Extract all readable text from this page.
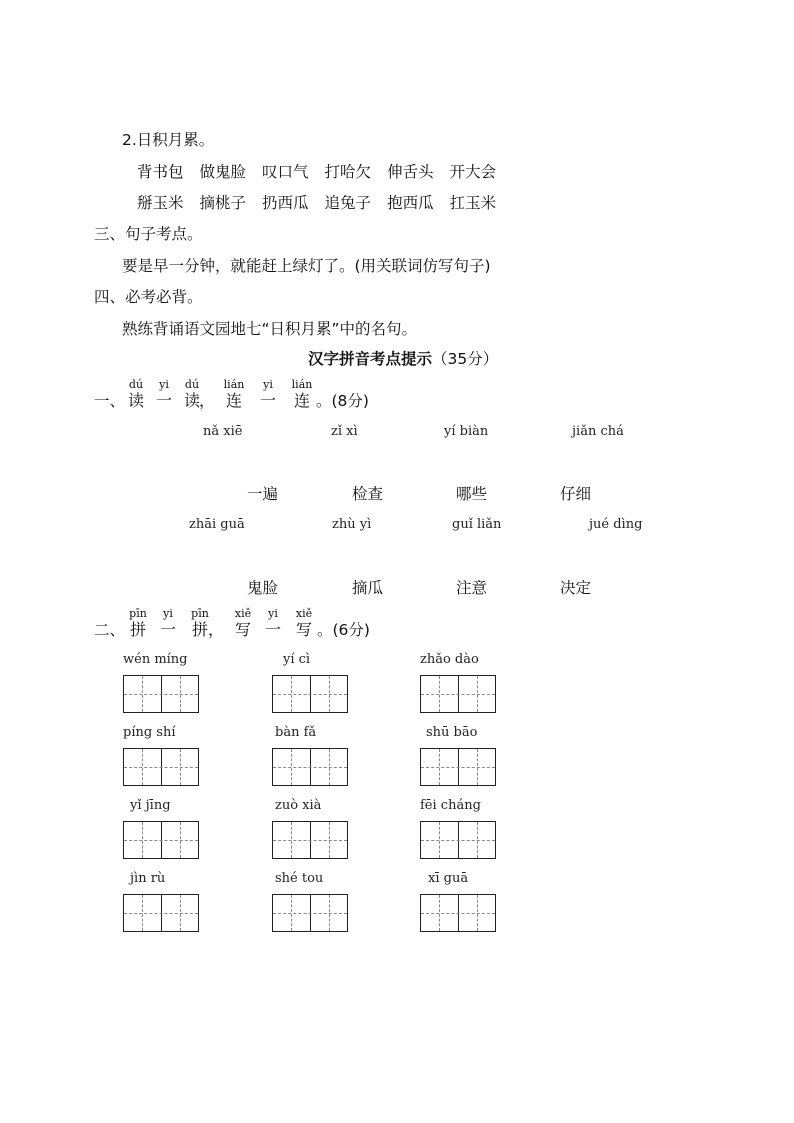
2.日积月累。
背书包 做鬼脸 叹口气 打哈欠 伸舌头 开大会
掰玉米 摘桃子 扔西瓜 追兔子 抱西瓜 扛玉米
三、句子考点。
要是早一分钟，就能赶上绿灯了。(用关联词仿写句子)
四、必考必背。
熟练背诵语文园地七“日积月累”中的名句。
汉字拼音考点提示（35分）
一、
dú
读
yi
一
dú
读 ，
lián
连
yi
一
lián
连 。(8分)
nǎ xiē	zǐ xì	yí biàn	jiǎn chá
一遍	检查	哪些	仔细
zhāi guā	zhù yì	guǐ liǎn	jué dìng
鬼脸	摘瓜	注意	决定
二、
pīn
拼
yi
一
pīn
拼 ，
xiě
写
yi
一
xiě
写 。(6分)
wén míng	yí cì	zhǎo dào
píng shí	bàn fǎ	shū bāo
yǐ jīng	zuò xià	fēi cháng
jìn rù	shé tou	xī guā
